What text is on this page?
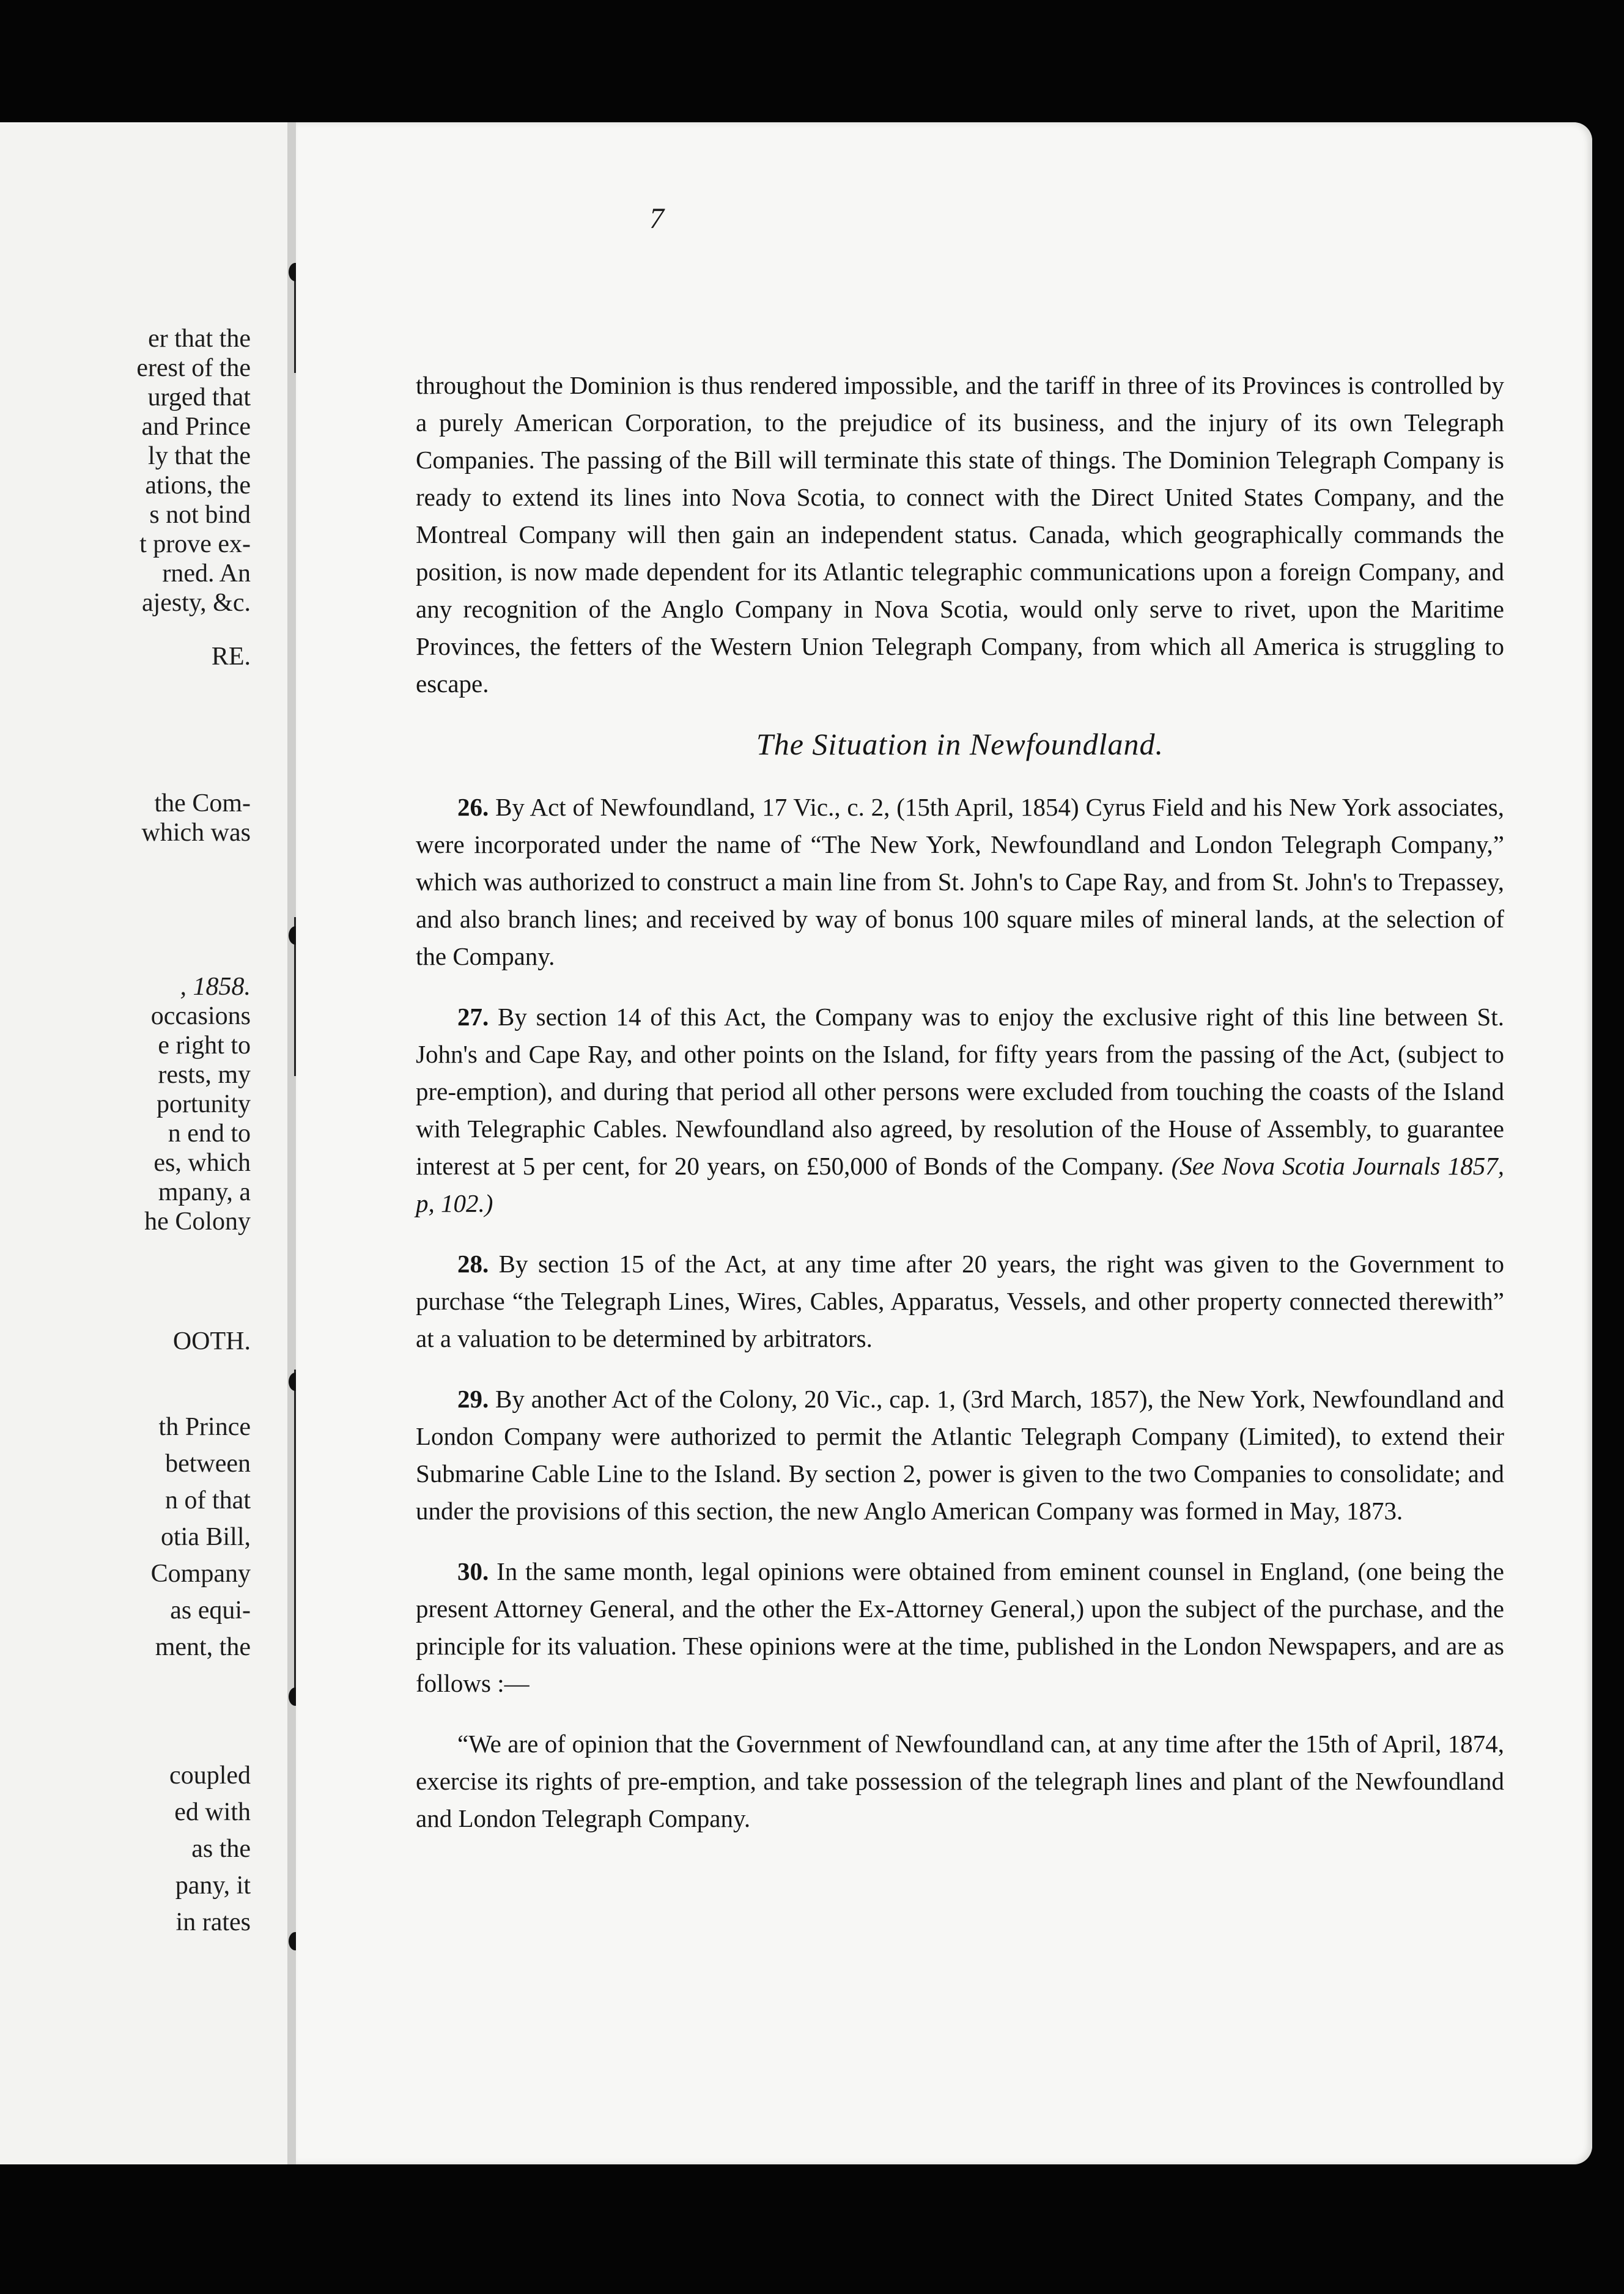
er that the
erest of the
urged that
and Prince
ly that the
ations, the
s not bind
t prove ex-
rned. An
ajesty, &c.
RE.
the Com-
which was
, 1858.
occasions
e right to
rests, my
portunity
n end to
es, which
mpany, a
he Colony
OOTH.
th Prince
between
n of that
otia Bill,
Company
as equi-
ment, the
coupled
ed with
as the
pany, it
in rates
7

throughout the Dominion is thus rendered impossible, and the tariff in three of its Provinces is controlled by a purely American Corporation, to the prejudice of its business, and the injury of its own Telegraph Companies. The passing of the Bill will terminate this state of things. The Dominion Telegraph Company is ready to extend its lines into Nova Scotia, to connect with the Direct United States Company, and the Montreal Company will then gain an independent status. Canada, which geographically commands the position, is now made dependent for its Atlantic telegraphic communications upon a foreign Company, and any recognition of the Anglo Company in Nova Scotia, would only serve to rivet, upon the Maritime Provinces, the fetters of the Western Union Telegraph Company, from which all America is struggling to escape.

The Situation in Newfoundland.

26. By Act of Newfoundland, 17 Vic., c. 2, (15th April, 1854) Cyrus Field and his New York associates, were incorporated under the name of “The New York, Newfoundland and London Telegraph Company,” which was authorized to construct a main line from St. John's to Cape Ray, and from St. John's to Trepassey, and also branch lines; and received by way of bonus 100 square miles of mineral lands, at the selection of the Company.

27. By section 14 of this Act, the Company was to enjoy the exclusive right of this line between St. John's and Cape Ray, and other points on the Island, for fifty years from the passing of the Act, (subject to pre-emption), and during that period all other persons were excluded from touching the coasts of the Island with Telegraphic Cables. Newfoundland also agreed, by resolution of the House of Assembly, to guarantee interest at 5 per cent, for 20 years, on £50,000 of Bonds of the Company. (See Nova Scotia Journals 1857, p, 102.)

28. By section 15 of the Act, at any time after 20 years, the right was given to the Government to purchase “the Telegraph Lines, Wires, Cables, Apparatus, Vessels, and other property connected therewith” at a valuation to be determined by arbitrators.

29. By another Act of the Colony, 20 Vic., cap. 1, (3rd March, 1857), the New York, Newfoundland and London Company were authorized to permit the Atlantic Telegraph Company (Limited), to extend their Submarine Cable Line to the Island. By section 2, power is given to the two Companies to consolidate; and under the provisions of this section, the new Anglo American Company was formed in May, 1873.

30. In the same month, legal opinions were obtained from eminent counsel in England, (one being the present Attorney General, and the other the Ex-Attorney General,) upon the subject of the purchase, and the principle for its valuation. These opinions were at the time, published in the London Newspapers, and are as follows :—

“We are of opinion that the Government of Newfoundland can, at any time after the 15th of April, 1874, exercise its rights of pre-emption, and take possession of the telegraph lines and plant of the Newfoundland and London Telegraph Company.
